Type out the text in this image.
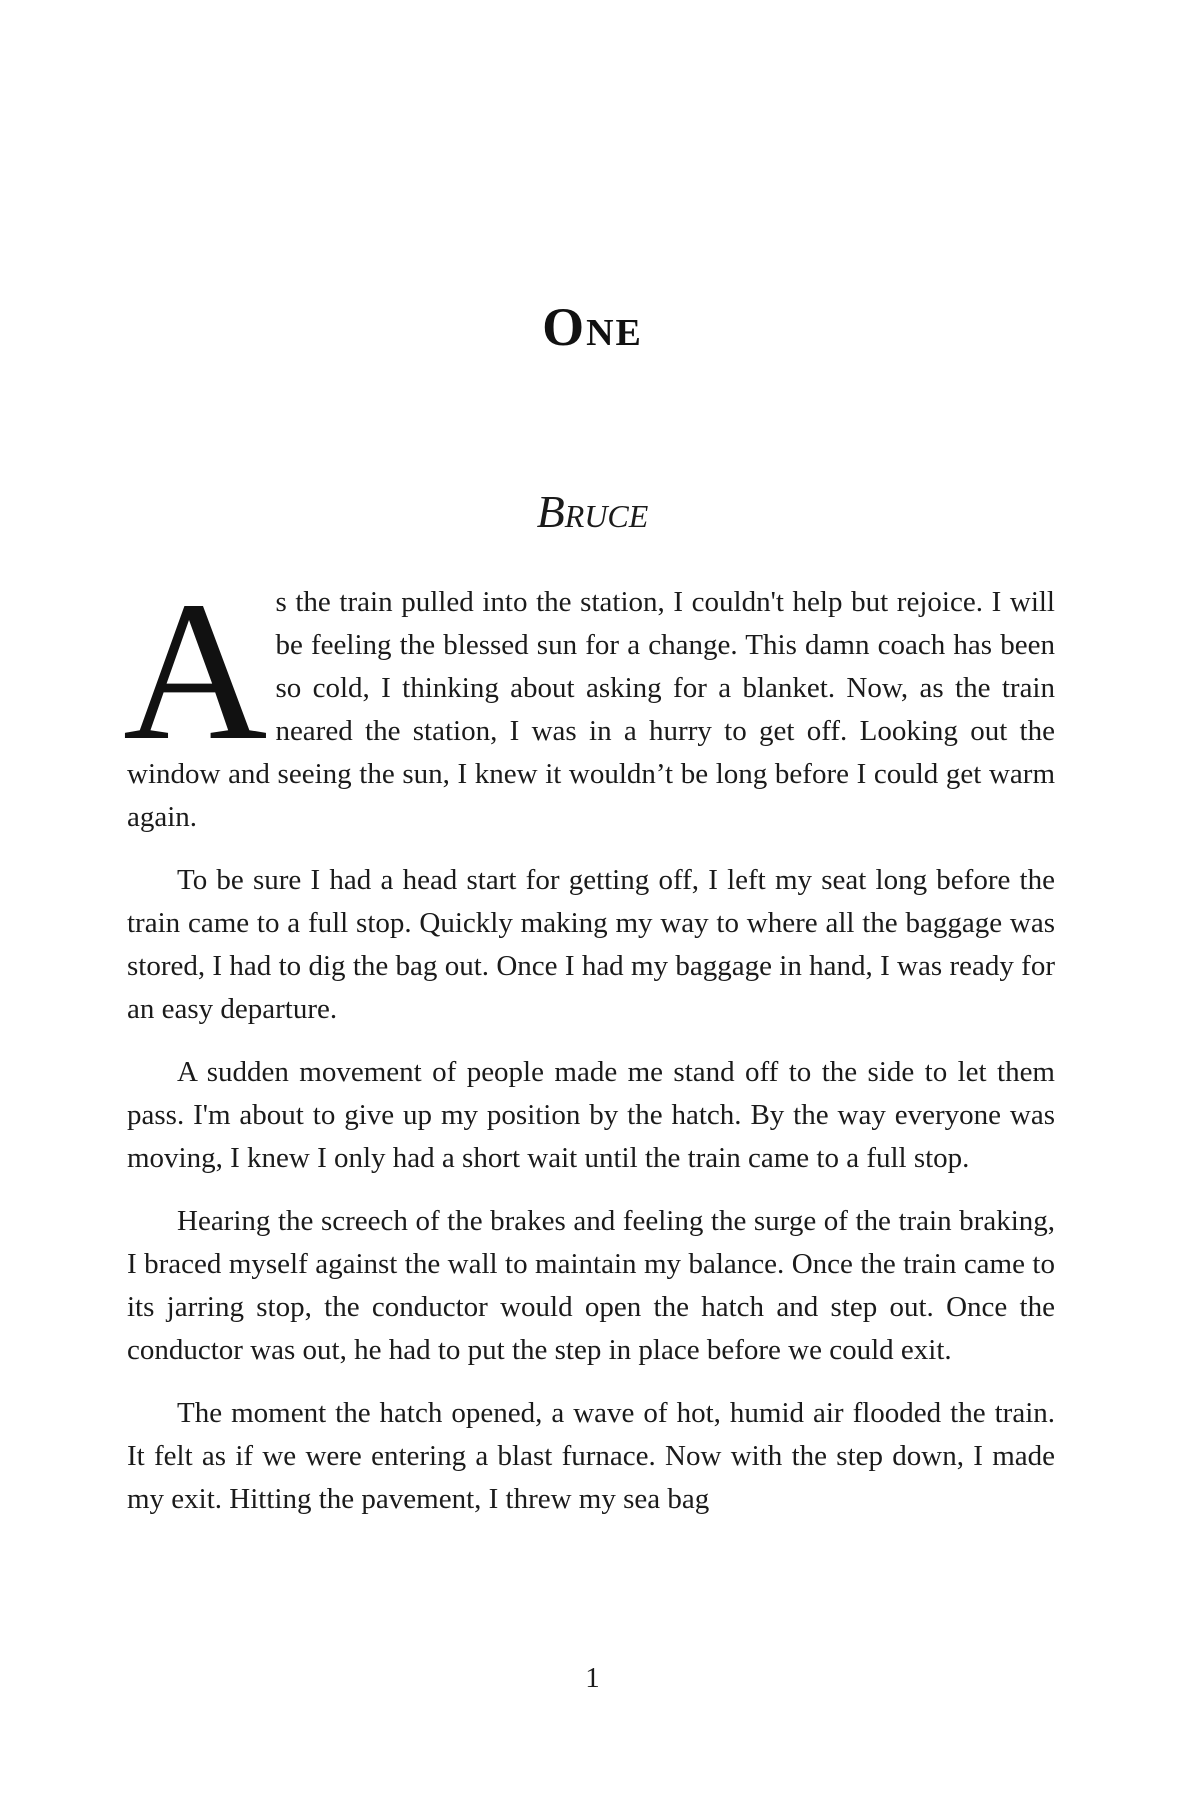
One
Bruce

As the train pulled into the station, I couldn't help but rejoice. I will be feeling the blessed sun for a change. This damn coach has been so cold, I thinking about asking for a blanket. Now, as the train neared the station, I was in a hurry to get off. Looking out the window and seeing the sun, I knew it wouldn’t be long before I could get warm again.

To be sure I had a head start for getting off, I left my seat long before the train came to a full stop. Quickly making my way to where all the baggage was stored, I had to dig the bag out. Once I had my baggage in hand, I was ready for an easy departure.

A sudden movement of people made me stand off to the side to let them pass. I'm about to give up my position by the hatch. By the way everyone was moving, I knew I only had a short wait until the train came to a full stop.

Hearing the screech of the brakes and feeling the surge of the train braking, I braced myself against the wall to maintain my balance. Once the train came to its jarring stop, the conductor would open the hatch and step out. Once the conductor was out, he had to put the step in place before we could exit.

The moment the hatch opened, a wave of hot, humid air flooded the train. It felt as if we were entering a blast furnace. Now with the step down, I made my exit. Hitting the pavement, I threw my sea bag

1
